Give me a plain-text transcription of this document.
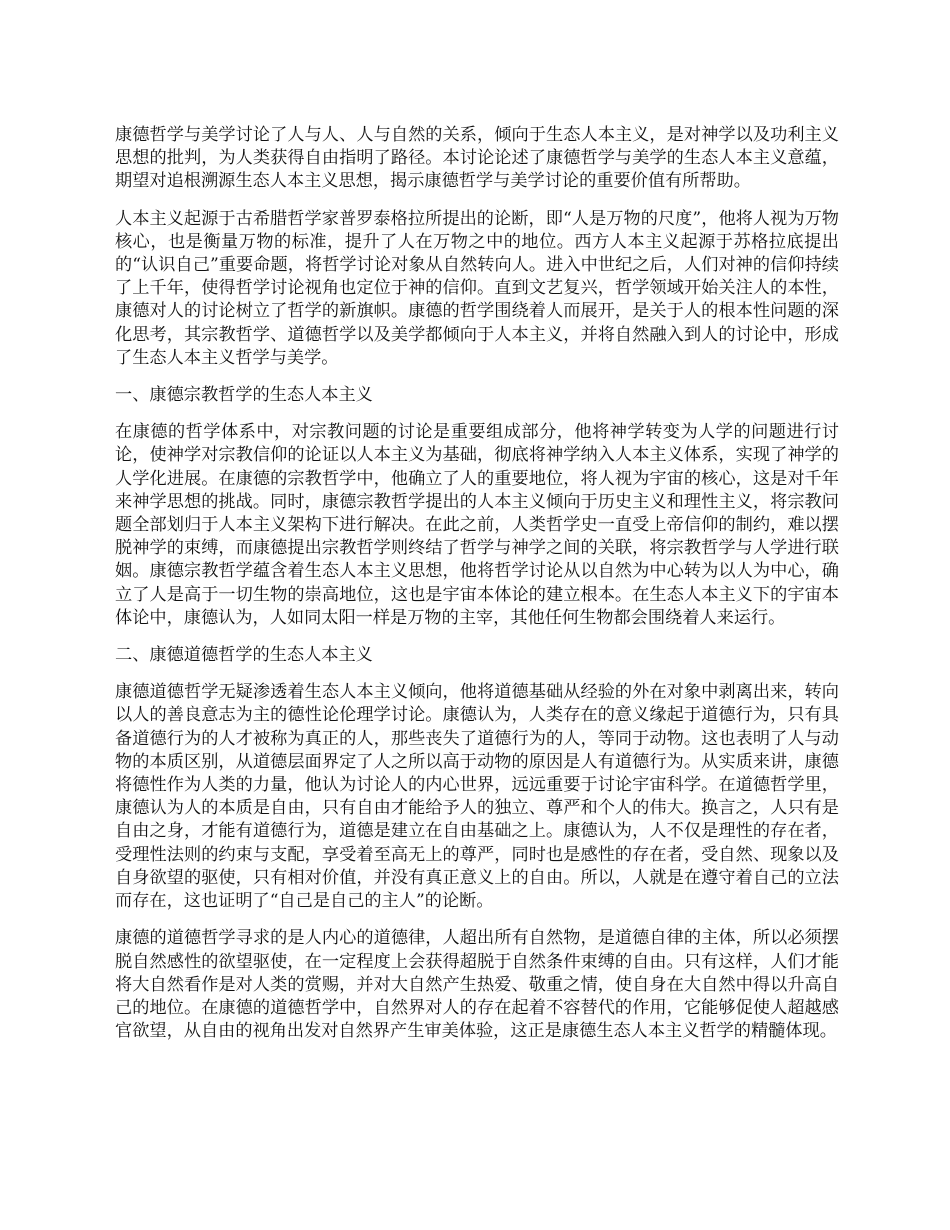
康德哲学与美学讨论了人与人、人与自然的关系，倾向于生态人本主义，是对神学以及功利主义思想的批判，为人类获得自由指明了路径。本讨论论述了康德哲学与美学的生态人本主义意蕴，期望对追根溯源生态人本主义思想，揭示康德哲学与美学讨论的重要价值有所帮助。

人本主义起源于古希腊哲学家普罗泰格拉所提出的论断，即“人是万物的尺度”，他将人视为万物核心，也是衡量万物的标准，提升了人在万物之中的地位。西方人本主义起源于苏格拉底提出的“认识自己”重要命题，将哲学讨论对象从自然转向人。进入中世纪之后，人们对神的信仰持续了上千年，使得哲学讨论视角也定位于神的信仰。直到文艺复兴，哲学领域开始关注人的本性，康德对人的讨论树立了哲学的新旗帜。康德的哲学围绕着人而展开，是关于人的根本性问题的深化思考，其宗教哲学、道德哲学以及美学都倾向于人本主义，并将自然融入到人的讨论中，形成了生态人本主义哲学与美学。

一、康德宗教哲学的生态人本主义

在康德的哲学体系中，对宗教问题的讨论是重要组成部分，他将神学转变为人学的问题进行讨论，使神学对宗教信仰的论证以人本主义为基础，彻底将神学纳入人本主义体系，实现了神学的人学化进展。在康德的宗教哲学中，他确立了人的重要地位，将人视为宇宙的核心，这是对千年来神学思想的挑战。同时，康德宗教哲学提出的人本主义倾向于历史主义和理性主义，将宗教问题全部划归于人本主义架构下进行解决。在此之前，人类哲学史一直受上帝信仰的制约，难以摆脱神学的束缚，而康德提出宗教哲学则终结了哲学与神学之间的关联，将宗教哲学与人学进行联姻。康德宗教哲学蕴含着生态人本主义思想，他将哲学讨论从以自然为中心转为以人为中心，确立了人是高于一切生物的崇高地位，这也是宇宙本体论的建立根本。在生态人本主义下的宇宙本体论中，康德认为，人如同太阳一样是万物的主宰，其他任何生物都会围绕着人来运行。

二、康德道德哲学的生态人本主义

康德道德哲学无疑渗透着生态人本主义倾向，他将道德基础从经验的外在对象中剥离出来，转向以人的善良意志为主的德性论伦理学讨论。康德认为，人类存在的意义缘起于道德行为，只有具备道德行为的人才被称为真正的人，那些丧失了道德行为的人，等同于动物。这也表明了人与动物的本质区别，从道德层面界定了人之所以高于动物的原因是人有道德行为。从实质来讲，康德将德性作为人类的力量，他认为讨论人的内心世界，远远重要于讨论宇宙科学。在道德哲学里，康德认为人的本质是自由，只有自由才能给予人的独立、尊严和个人的伟大。换言之，人只有是自由之身，才能有道德行为，道德是建立在自由基础之上。康德认为，人不仅是理性的存在者，受理性法则的约束与支配，享受着至高无上的尊严，同时也是感性的存在者，受自然、现象以及自身欲望的驱使，只有相对价值，并没有真正意义上的自由。所以，人就是在遵守着自己的立法而存在，这也证明了“自己是自己的主人”的论断。

康德的道德哲学寻求的是人内心的道德律，人超出所有自然物，是道德自律的主体，所以必须摆脱自然感性的欲望驱使，在一定程度上会获得超脱于自然条件束缚的自由。只有这样，人们才能将大自然看作是对人类的赏赐，并对大自然产生热爱、敬重之情，使自身在大自然中得以升高自己的地位。在康德的道德哲学中，自然界对人的存在起着不容替代的作用，它能够促使人超越感官欲望，从自由的视角出发对自然界产生审美体验，这正是康德生态人本主义哲学的精髓体现。
